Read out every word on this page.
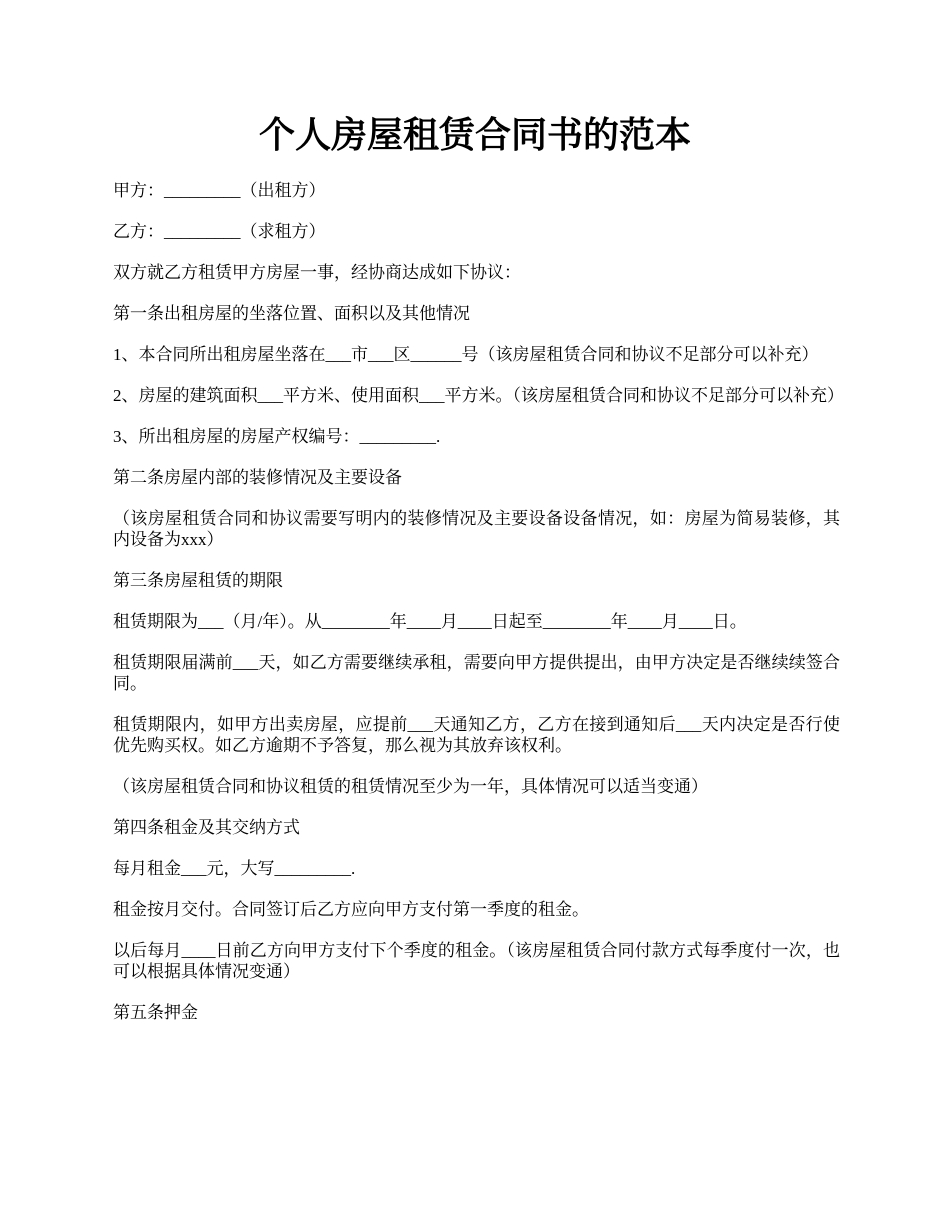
个人房屋租赁合同书的范本

甲方：_________（出租方）

乙方：_________（求租方）

双方就乙方租赁甲方房屋一事，经协商达成如下协议：

第一条出租房屋的坐落位置、面积以及其他情况

1、本合同所出租房屋坐落在___市___区______号（该房屋租赁合同和协议不足部分可以补充）

2、房屋的建筑面积___平方米、使用面积___平方米。（该房屋租赁合同和协议不足部分可以补充）

3、所出租房屋的房屋产权编号：_________.

第二条房屋内部的装修情况及主要设备

（该房屋租赁合同和协议需要写明内的装修情况及主要设备设备情况，如：房屋为简易装修，其内设备为xxx）

第三条房屋租赁的期限

租赁期限为___（月/年）。从________年____月____日起至________年____月____日。

租赁期限届满前___天，如乙方需要继续承租，需要向甲方提供提出，由甲方决定是否继续续签合同。

租赁期限内，如甲方出卖房屋，应提前___天通知乙方，乙方在接到通知后___天内决定是否行使优先购买权。如乙方逾期不予答复，那么视为其放弃该权利。

（该房屋租赁合同和协议租赁的租赁情况至少为一年，具体情况可以适当变通）

第四条租金及其交纳方式

每月租金___元，大写_________.

租金按月交付。合同签订后乙方应向甲方支付第一季度的租金。

以后每月____日前乙方向甲方支付下个季度的租金。（该房屋租赁合同付款方式每季度付一次，也可以根据具体情况变通）

第五条押金
